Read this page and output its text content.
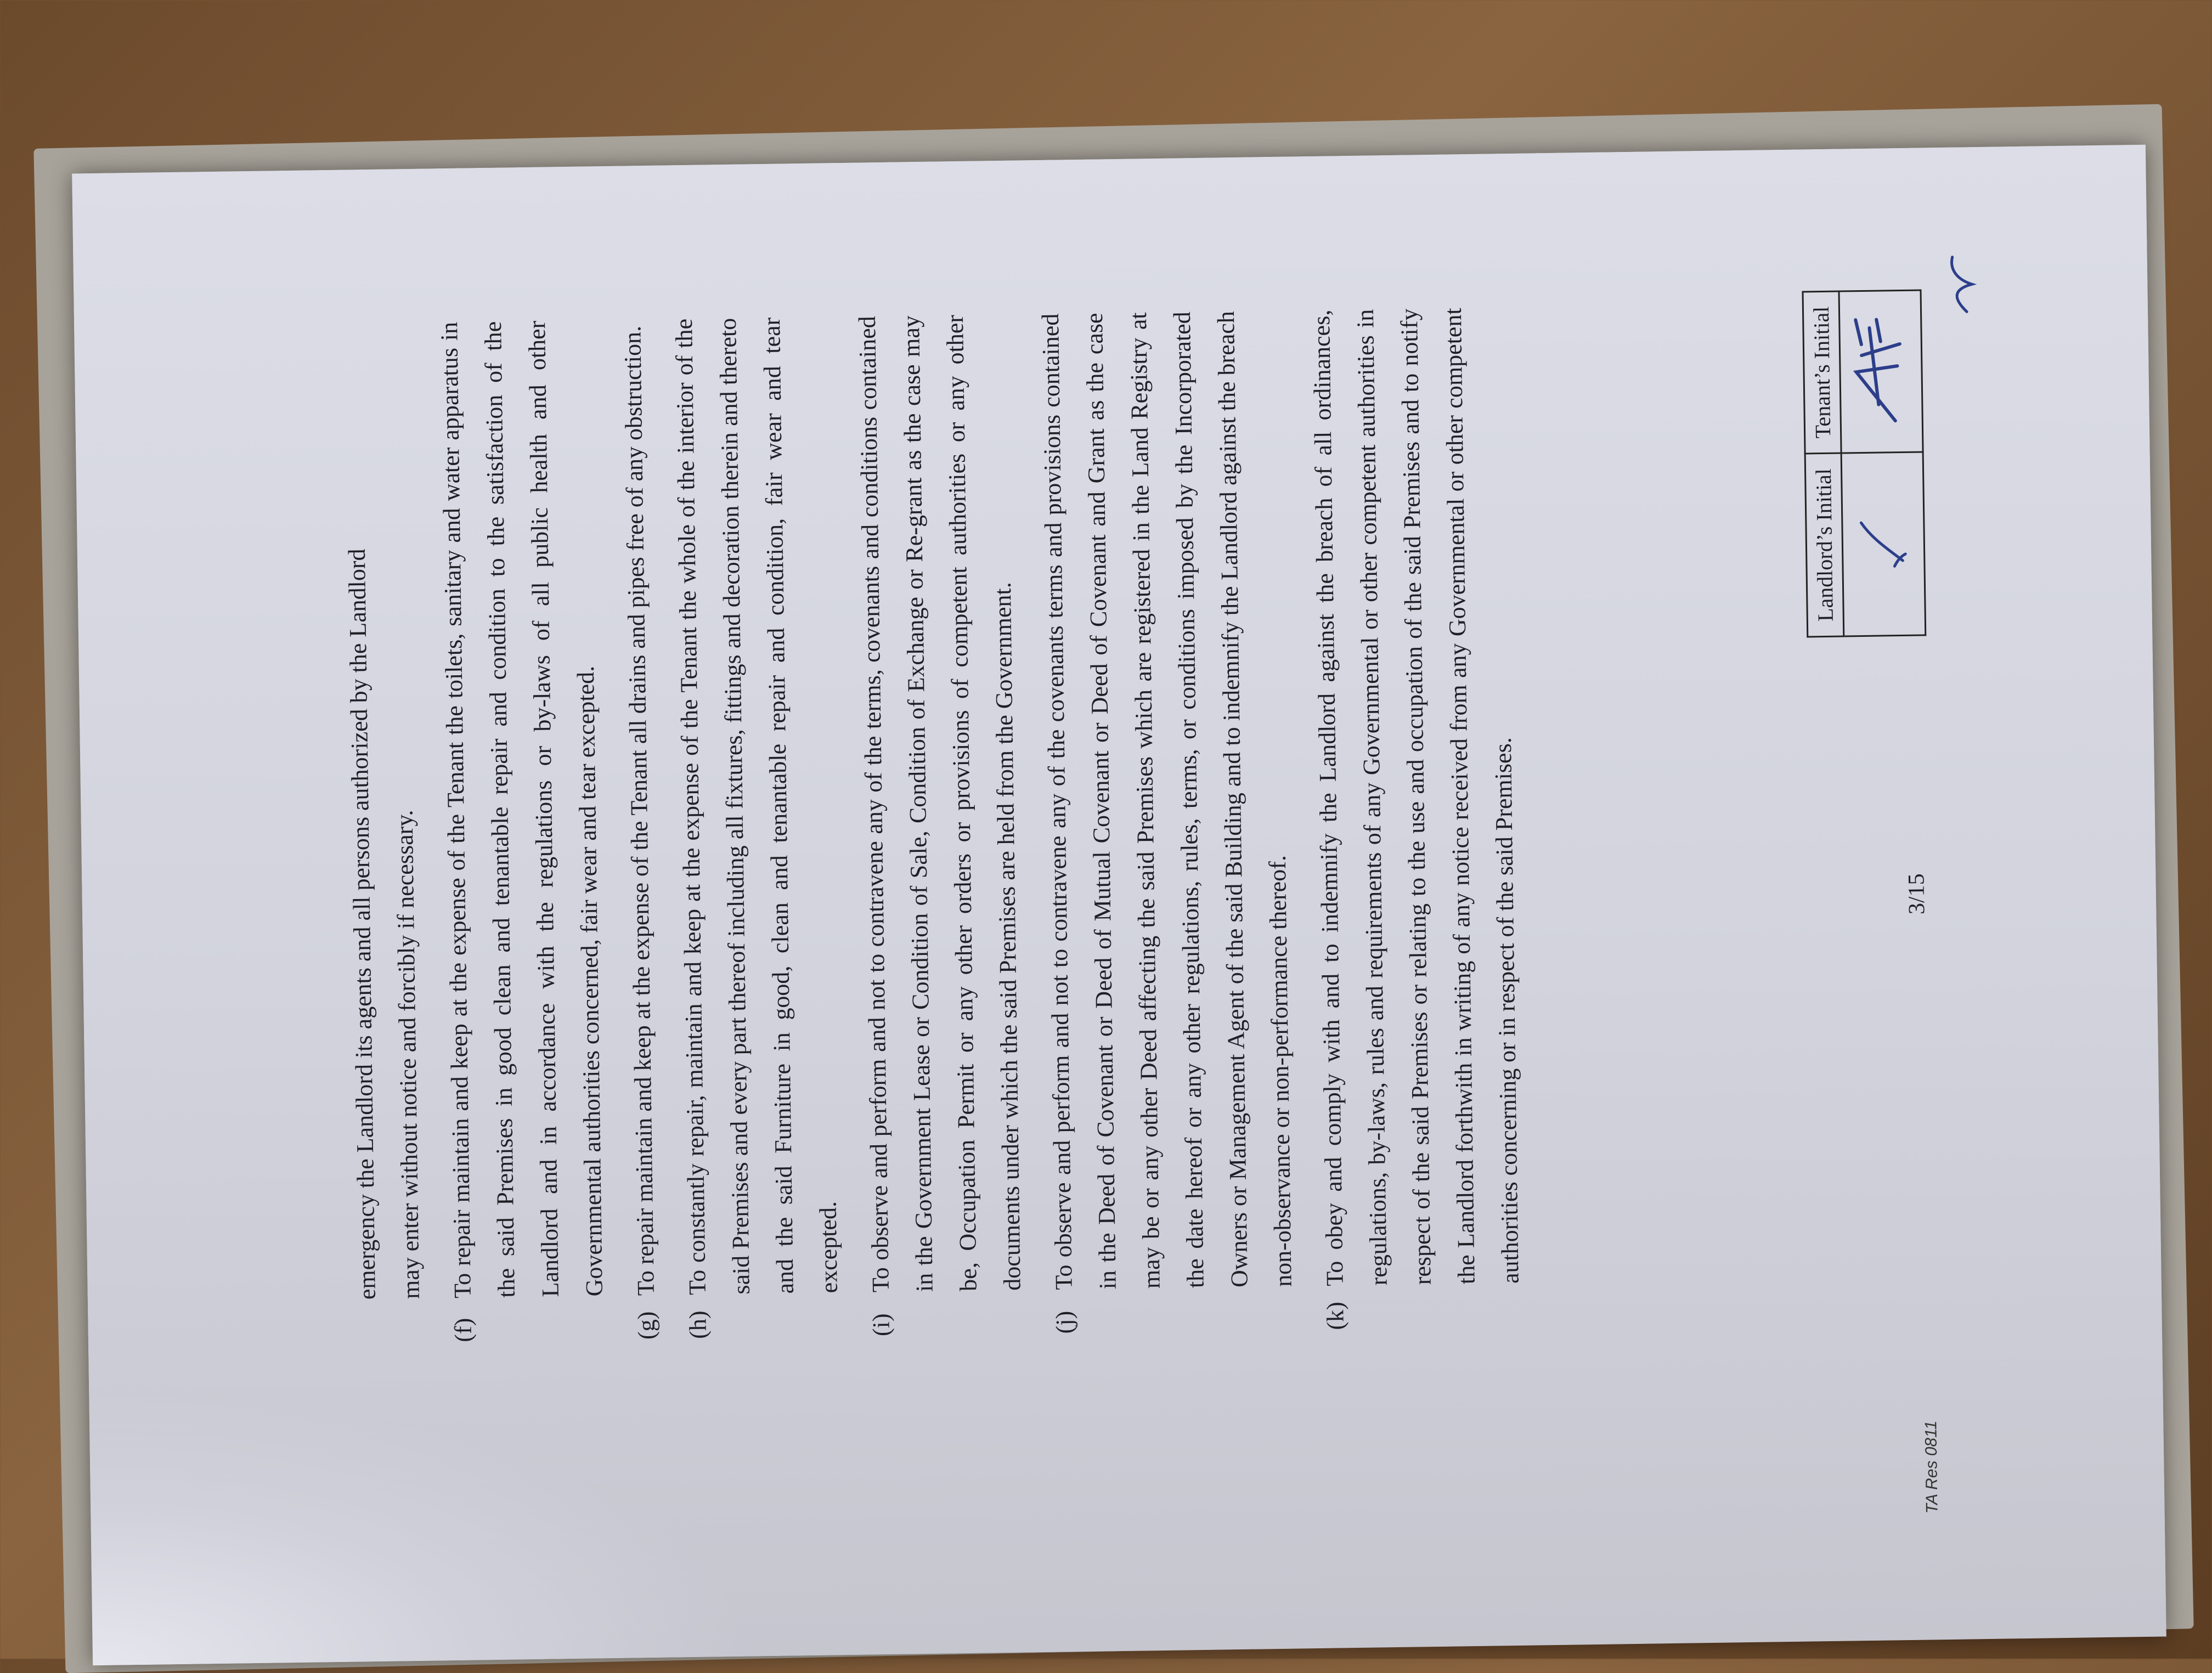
emergency the Landlord its agents and all persons authorized by the Landlord may enter without notice and forcibly if necessary.

(f)
To repair maintain and keep at the expense of the Tenant the toilets, sanitary and water apparatus in the said Premises in good clean and tenantable repair and condition to the satisfaction of the Landlord and in accordance with the regulations or by-laws of all public health and other Governmental authorities concerned, fair wear and tear excepted.
(g)
To repair maintain and keep at the expense of the Tenant all drains and pipes free of any obstruction.
(h)
To constantly repair, maintain and keep at the expense of the Tenant the whole of the interior of the said Premises and every part thereof including all fixtures, fittings and decoration therein and thereto and the said Furniture in good, clean and tenantable repair and condition, fair wear and tear excepted.
(i)
To observe and perform and not to contravene any of the terms, covenants and conditions contained in the Government Lease or Condition of Sale, Condition of Exchange or Re-grant as the case may be, Occupation Permit or any other orders or provisions of competent authorities or any other documents under which the said Premises are held from the Government.
(j)
To observe and perform and not to contravene any of the covenants terms and provisions contained in the Deed of Covenant or Deed of Mutual Covenant or Deed of Covenant and Grant as the case may be or any other Deed affecting the said Premises which are registered in the Land Registry at the date hereof or any other regulations, rules, terms, or conditions imposed by the Incorporated Owners or Management Agent of the said Building and to indemnify the Landlord against the breach non-observance or non-performance thereof.
(k)
To obey and comply with and to indemnify the Landlord against the breach of all ordinances, regulations, by-laws, rules and requirements of any Governmental or other competent authorities in respect of the said Premises or relating to the use and occupation of the said Premises and to notify the Landlord forthwith in writing of any notice received from any Governmental or other competent authorities concerning or in respect of the said Premises.
Landlord’s Initial	Tenant’s Initial

3/15
TA Res 0811
